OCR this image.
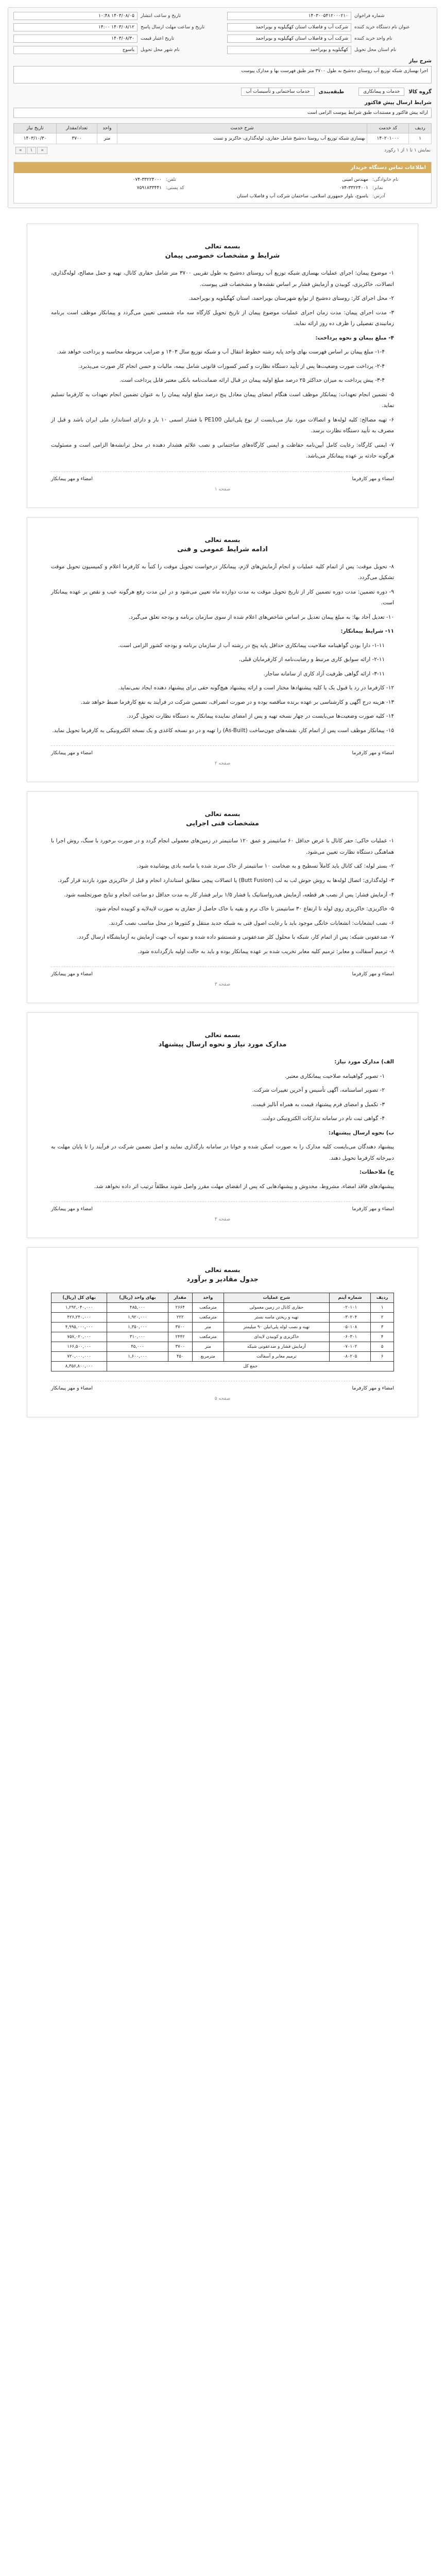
شماره فراخوان
۱۴۰۳۰۰۵۴۱۲۰۰۰۲۱۰
تاریخ و ساعت انتشار
۱۴۰۳/۰۸/۰۵ ۱۰:۴۸
عنوان نام دستگاه خرید کننده
شرکت آب و فاضلاب استان کهگیلویه و بویراحمد
تاریخ و ساعت مهلت ارسال پاسخ
۱۴۰۳/۰۸/۱۲ ۱۴:۰۰
نام واحد خرید کننده
شرکت آب و فاضلاب استان کهگیلویه و بویراحمد
تاریخ اعتبار قیمت
۱۴۰۳/۰۸/۳۰
نام استان محل تحویل
کهگیلویه و بویراحمد
نام شهر محل تحویل
یاسوج
شرح نیاز
اجرا بهسازی شبکه توزیع آب روستای ده‌شیخ به طول ۳۷۰۰ متر طبق فهرست بها و مدارک پیوست
گروه کالا
خدمات و پیمانکاری
طبقه‌بندی
خدمات ساختمانی و تأسیسات آب
شرایط ارسال پیش فاکتور
ارائه پیش فاکتور و مستندات طبق شرایط پیوست الزامی است
ردیف	کد خدمت	شرح خدمت	واحد	تعداد/مقدار	تاریخ نیاز
۱	۱۴۰۲۰۱۰۰۰	بهسازی شبکه توزیع آب روستا ده‌شیخ شامل حفاری، لوله‌گذاری، خاکریز و تست	متر	۳۷۰۰	۱۴۰۳/۱۰/۳۰
نمایش ۱ تا ۱ از ۱ رکورد
«۱»
اطلاعات تماس دستگاه خریدار
نام خانوادگی:
مهندس امینی
تلفن:
۰۷۴-۳۳۲۲۴۰۰۰
نمابر:
۰۷۴-۳۳۲۲۴۰۰۱
کد پستی:
۷۵۹۱۸۳۳۴۴۱
آدرس:
یاسوج، بلوار جمهوری اسلامی، ساختمان شرکت آب و فاضلاب استان
بسمه تعالی
شرایط و مشخصات خصوصی پیمان

۱- موضوع پیمان: اجرای عملیات بهسازی شبکه توزیع آب روستای ده‌شیخ به طول تقریبی ۳۷۰۰ متر شامل حفاری کانال، تهیه و حمل مصالح، لوله‌گذاری، اتصالات، خاکریزی، کوبیدن و آزمایش فشار بر اساس نقشه‌ها و مشخصات فنی پیوست.

۲- محل اجرای کار: روستای ده‌شیخ از توابع شهرستان بویراحمد، استان کهگیلویه و بویراحمد.

۳- مدت اجرای پیمان: مدت زمان اجرای عملیات موضوع پیمان از تاریخ تحویل کارگاه سه ماه شمسی تعیین می‌گردد و پیمانکار موظف است برنامه زمانبندی تفصیلی را ظرف ده روز ارائه نماید.

۴- مبلغ پیمان و نحوه پرداخت:

۱-۴- مبلغ پیمان بر اساس فهرست بهای واحد پایه رشته خطوط انتقال آب و شبکه توزیع سال ۱۴۰۳ و ضرایب مربوطه محاسبه و پرداخت خواهد شد.

۲-۴- پرداخت صورت وضعیت‌ها پس از تأیید دستگاه نظارت و کسر کسورات قانونی شامل بیمه، مالیات و حسن انجام کار صورت می‌پذیرد.

۳-۴- پیش پرداخت به میزان حداکثر ۲۵ درصد مبلغ اولیه پیمان در قبال ارائه ضمانت‌نامه بانکی معتبر قابل پرداخت است.

۵- تضمین انجام تعهدات: پیمانکار موظف است هنگام امضای پیمان معادل پنج درصد مبلغ اولیه پیمان را به عنوان تضمین انجام تعهدات به کارفرما تسلیم نماید.

۶- تهیه مصالح: کلیه لوله‌ها و اتصالات مورد نیاز می‌بایست از نوع پلی‌اتیلن PE100 با فشار اسمی ۱۰ بار و دارای استاندارد ملی ایران باشد و قبل از مصرف به تأیید دستگاه نظارت برسد.

۷- ایمنی کارگاه: رعایت کامل آیین‌نامه حفاظت و ایمنی کارگاه‌های ساختمانی و نصب علائم هشدار دهنده در محل ترانشه‌ها الزامی است و مسئولیت هرگونه حادثه بر عهده پیمانکار می‌باشد.

امضاء و مهر کارفرما
امضاء و مهر پیمانکار
صفحه ۱
بسمه تعالی
ادامه شرایط عمومی و فنی

۸- تحویل موقت: پس از اتمام کلیه عملیات و انجام آزمایش‌های لازم، پیمانکار درخواست تحویل موقت را کتباً به کارفرما اعلام و کمیسیون تحویل موقت تشکیل می‌گردد.

۹- دوره تضمین: مدت دوره تضمین کار از تاریخ تحویل موقت به مدت دوازده ماه تعیین می‌شود و در این مدت رفع هرگونه عیب و نقص بر عهده پیمانکار است.

۱۰- تعدیل آحاد بها: به مبلغ پیمان تعدیل بر اساس شاخص‌های اعلام شده از سوی سازمان برنامه و بودجه تعلق می‌گیرد.

۱۱- شرایط پیمانکار:

۱-۱۱- دارا بودن گواهینامه صلاحیت پیمانکاری حداقل پایه پنج در رشته آب از سازمان برنامه و بودجه کشور الزامی است.

۲-۱۱- ارائه سوابق کاری مرتبط و رضایت‌نامه از کارفرمایان قبلی.

۳-۱۱- ارائه گواهی ظرفیت آزاد کاری از سامانه ساجار.

۱۲- کارفرما در رد یا قبول یک یا کلیه پیشنهادها مختار است و ارائه پیشنهاد هیچ‌گونه حقی برای پیشنهاد دهنده ایجاد نمی‌نماید.

۱۳- هزینه درج آگهی و کارشناسی بر عهده برنده مناقصه بوده و در صورت انصراف، تضمین شرکت در فرآیند به نفع کارفرما ضبط خواهد شد.

۱۴- کلیه صورت وضعیت‌ها می‌بایست در چهار نسخه تهیه و پس از امضای نماینده پیمانکار به دستگاه نظارت تحویل گردد.

۱۵- پیمانکار موظف است پس از اتمام کار، نقشه‌های چون‌ساخت (As-Built) را تهیه و در دو نسخه کاغذی و یک نسخه الکترونیکی به کارفرما تحویل نماید.

امضاء و مهر کارفرما
امضاء و مهر پیمانکار
صفحه ۲
بسمه تعالی
مشخصات فنی اجرایی

۱- عملیات خاکی: حفر کانال با عرض حداقل ۶۰ سانتیمتر و عمق ۱۲۰ سانتیمتر در زمین‌های معمولی انجام گردد و در صورت برخورد با سنگ، روش اجرا با هماهنگی دستگاه نظارت تعیین می‌شود.

۲- بستر لوله: کف کانال باید کاملاً تسطیح و به ضخامت ۱۰ سانتیمتر از خاک سرند شده یا ماسه بادی پوشانیده شود.

۳- لوله‌گذاری: اتصال لوله‌ها به روش جوش لب به لب (Butt Fusion) یا اتصالات پیچی مطابق استاندارد انجام و قبل از خاکریزی مورد بازدید قرار گیرد.

۴- آزمایش فشار: پس از نصب هر قطعه، آزمایش هیدرواستاتیک با فشار ۱/۵ برابر فشار کار به مدت حداقل دو ساعت انجام و نتایج صورتجلسه شود.

۵- خاکریزی: خاکریزی روی لوله تا ارتفاع ۳۰ سانتیمتر با خاک نرم و بقیه با خاک حاصل از حفاری به صورت لایه‌لایه و کوبیده انجام شود.

۶- نصب انشعابات: انشعابات خانگی موجود باید با رعایت اصول فنی به شبکه جدید منتقل و کنتورها در محل مناسب نصب گردند.

۷- ضدعفونی شبکه: پس از اتمام کار، شبکه با محلول کلر ضدعفونی و شستشو داده شده و نمونه آب جهت آزمایش به آزمایشگاه ارسال گردد.

۸- ترمیم آسفالت و معابر: ترمیم کلیه معابر تخریب شده بر عهده پیمانکار بوده و باید به حالت اولیه بازگردانده شود.

امضاء و مهر کارفرما
امضاء و مهر پیمانکار
صفحه ۳
بسمه تعالی
مدارک مورد نیاز و نحوه ارسال پیشنهاد

الف) مدارک مورد نیاز:

۱- تصویر گواهینامه صلاحیت پیمانکاری معتبر.

۲- تصویر اساسنامه، آگهی تأسیس و آخرین تغییرات شرکت.

۳- تکمیل و امضای فرم پیشنهاد قیمت به همراه آنالیز قیمت.

۴- گواهی ثبت نام در سامانه تدارکات الکترونیکی دولت.

ب) نحوه ارسال پیشنهاد:

پیشنهاد دهندگان می‌بایست کلیه مدارک را به صورت اسکن شده و خوانا در سامانه بارگذاری نمایند و اصل تضمین شرکت در فرآیند را تا پایان مهلت به دبیرخانه کارفرما تحویل دهند.

ج) ملاحظات:

پیشنهادهای فاقد امضاء، مشروط، مخدوش و پیشنهادهایی که پس از انقضای مهلت مقرر واصل شوند مطلقاً ترتیب اثر داده نخواهد شد.

امضاء و مهر کارفرما
امضاء و مهر پیمانکار
صفحه ۴
بسمه تعالی
جدول مقادیر و برآورد
ردیف	شماره آیتم	شرح عملیات	واحد	مقدار	بهای واحد (ریال)	بهای کل (ریال)
۱	۰۲۰۱۰۱	حفاری کانال در زمین معمولی	مترمکعب	۲۶۶۴	۴۸۵,۰۰۰	۱,۲۹۲,۰۴۰,۰۰۰
۲	۰۳۰۲۰۴	تهیه و ریختن ماسه بستر	مترمکعب	۲۲۲	۱,۹۲۰,۰۰۰	۴۲۶,۲۴۰,۰۰۰
۳	۰۵۰۱۰۸	تهیه و نصب لوله پلی‌اتیلن ۹۰ میلیمتر	متر	۳۷۰۰	۱,۳۵۰,۰۰۰	۴,۹۹۵,۰۰۰,۰۰۰
۴	۰۶۰۳۰۱	خاکریزی و کوبیدن لایه‌ای	مترمکعب	۲۴۴۲	۳۱۰,۰۰۰	۷۵۷,۰۲۰,۰۰۰
۵	۰۷۰۱۰۲	آزمایش فشار و ضدعفونی شبکه	متر	۳۷۰۰	۴۵,۰۰۰	۱۶۶,۵۰۰,۰۰۰
۶	۰۸۰۲۰۵	ترمیم معابر و آسفالت	مترمربع	۴۵۰	۱,۶۰۰,۰۰۰	۷۲۰,۰۰۰,۰۰۰
جمع کل						۸,۳۵۶,۸۰۰,۰۰۰
امضاء و مهر کارفرما
امضاء و مهر پیمانکار
صفحه ۵
